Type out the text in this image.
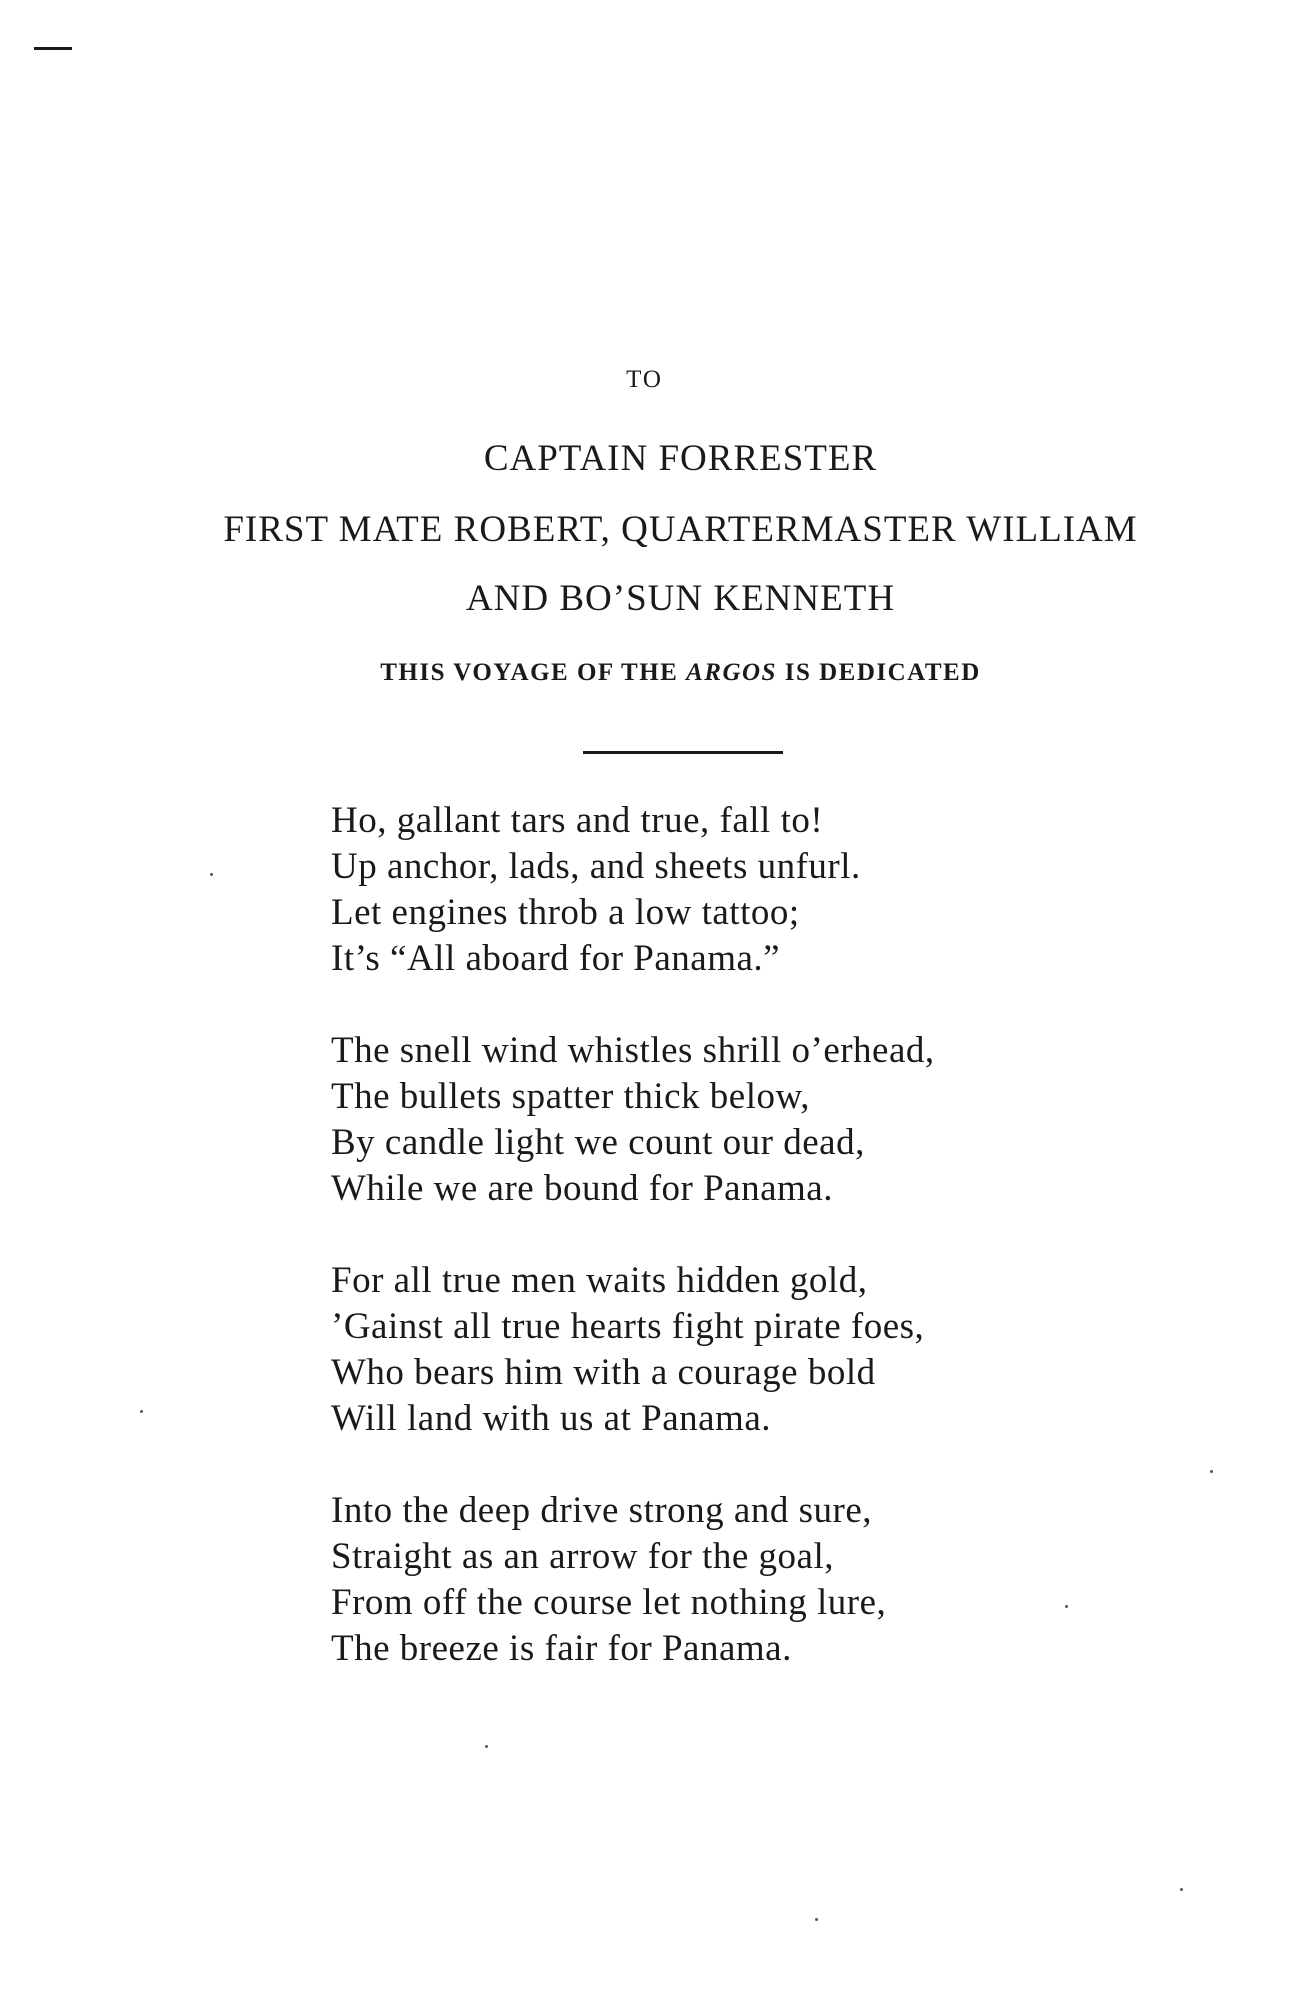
TO
CAPTAIN FORRESTER
FIRST MATE ROBERT, QUARTERMASTER WILLIAM
AND BO’SUN KENNETH
THIS VOYAGE OF THE ARGOS IS DEDICATED
Ho, gallant tars and true, fall to!
Up anchor, lads, and sheets unfurl.
Let engines throb a low tattoo;
It’s “All aboard for Panama.”
The snell wind whistles shrill o’erhead,
The bullets spatter thick below,
By candle light we count our dead,
While we are bound for Panama.
For all true men waits hidden gold,
’Gainst all true hearts fight pirate foes,
Who bears him with a courage bold
Will land with us at Panama.
Into the deep drive strong and sure,
Straight as an arrow for the goal,
From off the course let nothing lure,
The breeze is fair for Panama.
